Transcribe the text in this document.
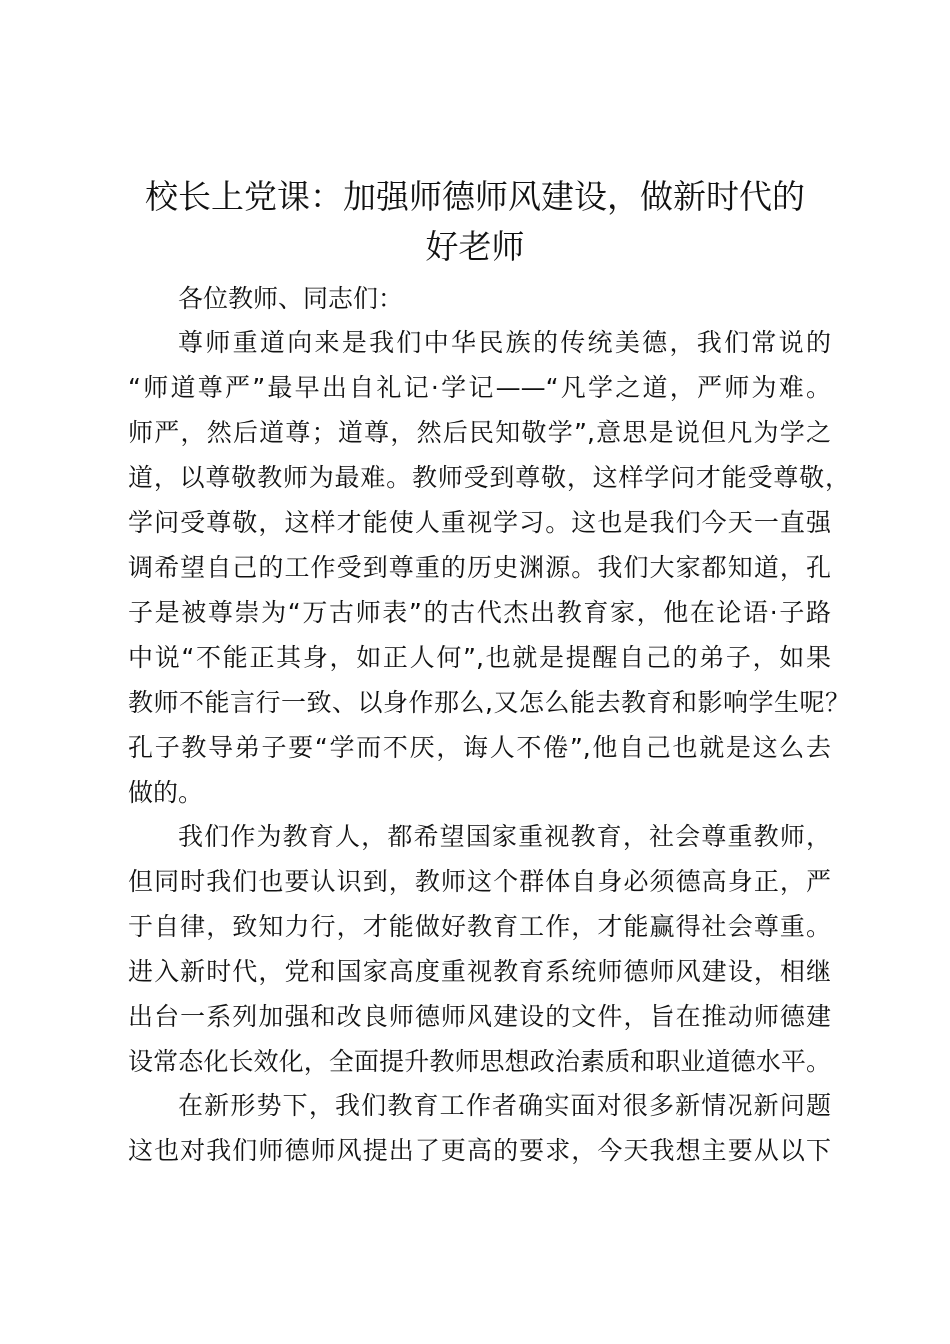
校长上党课：加强师德师风建设，做新时代的
好老师

各位教师、同志们：

尊师重道向来是我们中华民族的传统美德，我们常说的

“师道尊严”最早出自礼记·学记——“凡学之道，严师为难。

师严，然后道尊；道尊，然后民知敬学”,意思是说但凡为学之

道，以尊敬教师为最难。教师受到尊敬，这样学问才能受尊敬，

学问受尊敬，这样才能使人重视学习。这也是我们今天一直强

调希望自己的工作受到尊重的历史渊源。我们大家都知道，孔

子是被尊崇为“万古师表”的古代杰出教育家，他在论语·子路

中说“不能正其身，如正人何”,也就是提醒自己的弟子，如果

教师不能言行一致、以身作那么,又怎么能去教育和影响学生呢？

孔子教导弟子要“学而不厌，诲人不倦”,他自己也就是这么去

做的。

我们作为教育人，都希望国家重视教育，社会尊重教师，

但同时我们也要认识到，教师这个群体自身必须德高身正，严

于自律，致知力行，才能做好教育工作，才能赢得社会尊重。

进入新时代，党和国家高度重视教育系统师德师风建设，相继

出台一系列加强和改良师德师风建设的文件，旨在推动师德建

设常态化长效化，全面提升教师思想政治素质和职业道德水平。

在新形势下，我们教育工作者确实面对很多新情况新问题

这也对我们师德师风提出了更高的要求，今天我想主要从以下
